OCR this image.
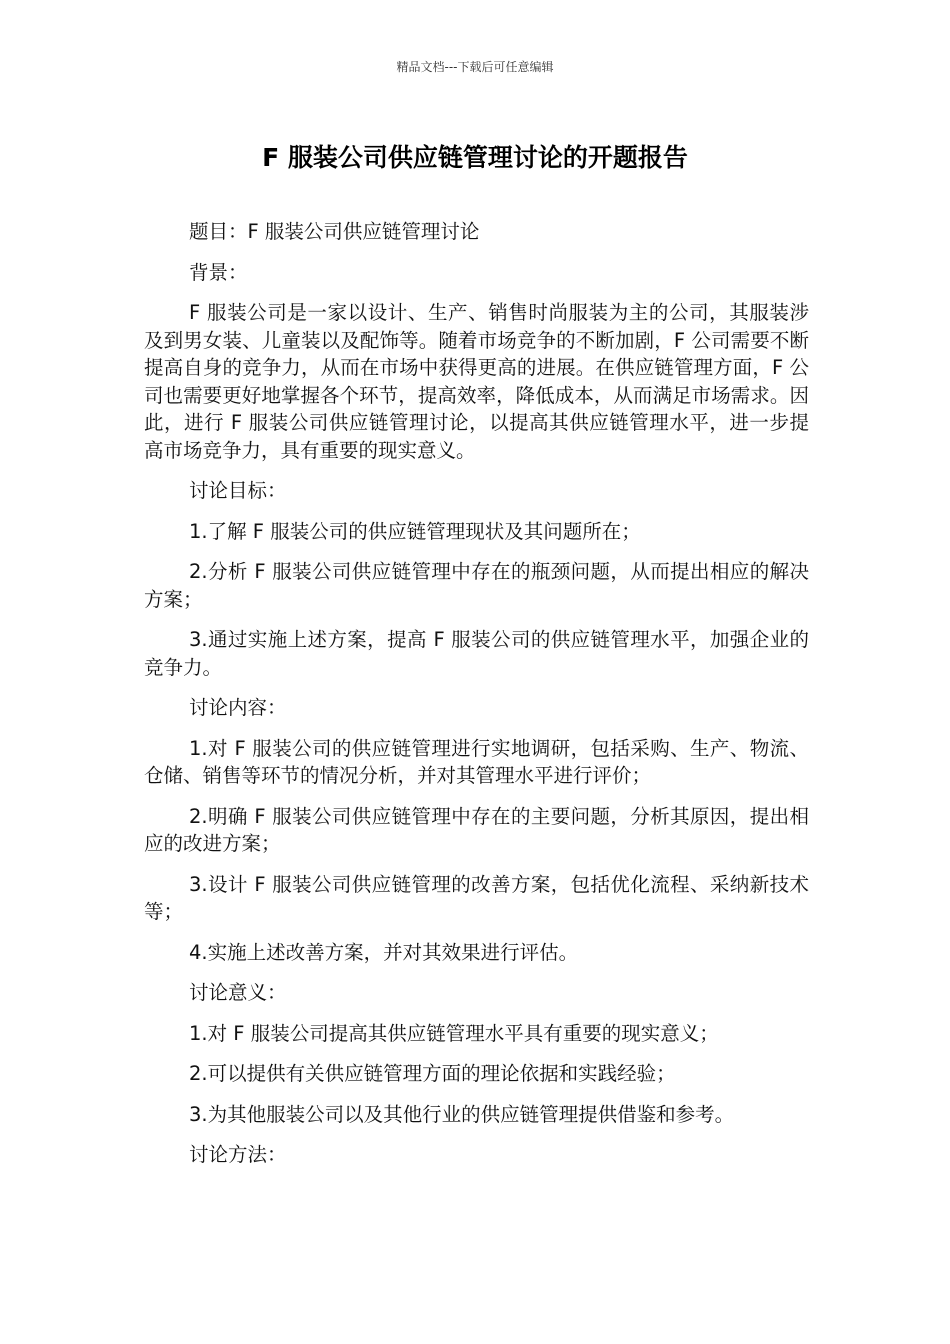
精品文档---下载后可任意编辑
F 服装公司供应链管理讨论的开题报告

题目：F 服装公司供应链管理讨论

背景：

F 服装公司是一家以设计、生产、销售时尚服装为主的公司，其服装涉及到男女装、儿童装以及配饰等。随着市场竞争的不断加剧，F 公司需要不断提高自身的竞争力，从而在市场中获得更高的进展。在供应链管理方面，F 公司也需要更好地掌握各个环节，提高效率，降低成本，从而满足市场需求。因此，进行 F 服装公司供应链管理讨论，以提高其供应链管理水平，进一步提高市场竞争力，具有重要的现实意义。

讨论目标：

1.了解 F 服装公司的供应链管理现状及其问题所在；

2.分析 F 服装公司供应链管理中存在的瓶颈问题，从而提出相应的解决方案；

3.通过实施上述方案，提高 F 服装公司的供应链管理水平，加强企业的竞争力。

讨论内容：

1.对 F 服装公司的供应链管理进行实地调研，包括采购、生产、物流、仓储、销售等环节的情况分析，并对其管理水平进行评价；

2.明确 F 服装公司供应链管理中存在的主要问题，分析其原因，提出相应的改进方案；

3.设计 F 服装公司供应链管理的改善方案，包括优化流程、采纳新技术等；

4.实施上述改善方案，并对其效果进行评估。

讨论意义：

1.对 F 服装公司提高其供应链管理水平具有重要的现实意义；

2.可以提供有关供应链管理方面的理论依据和实践经验；

3.为其他服装公司以及其他行业的供应链管理提供借鉴和参考。

讨论方法：
